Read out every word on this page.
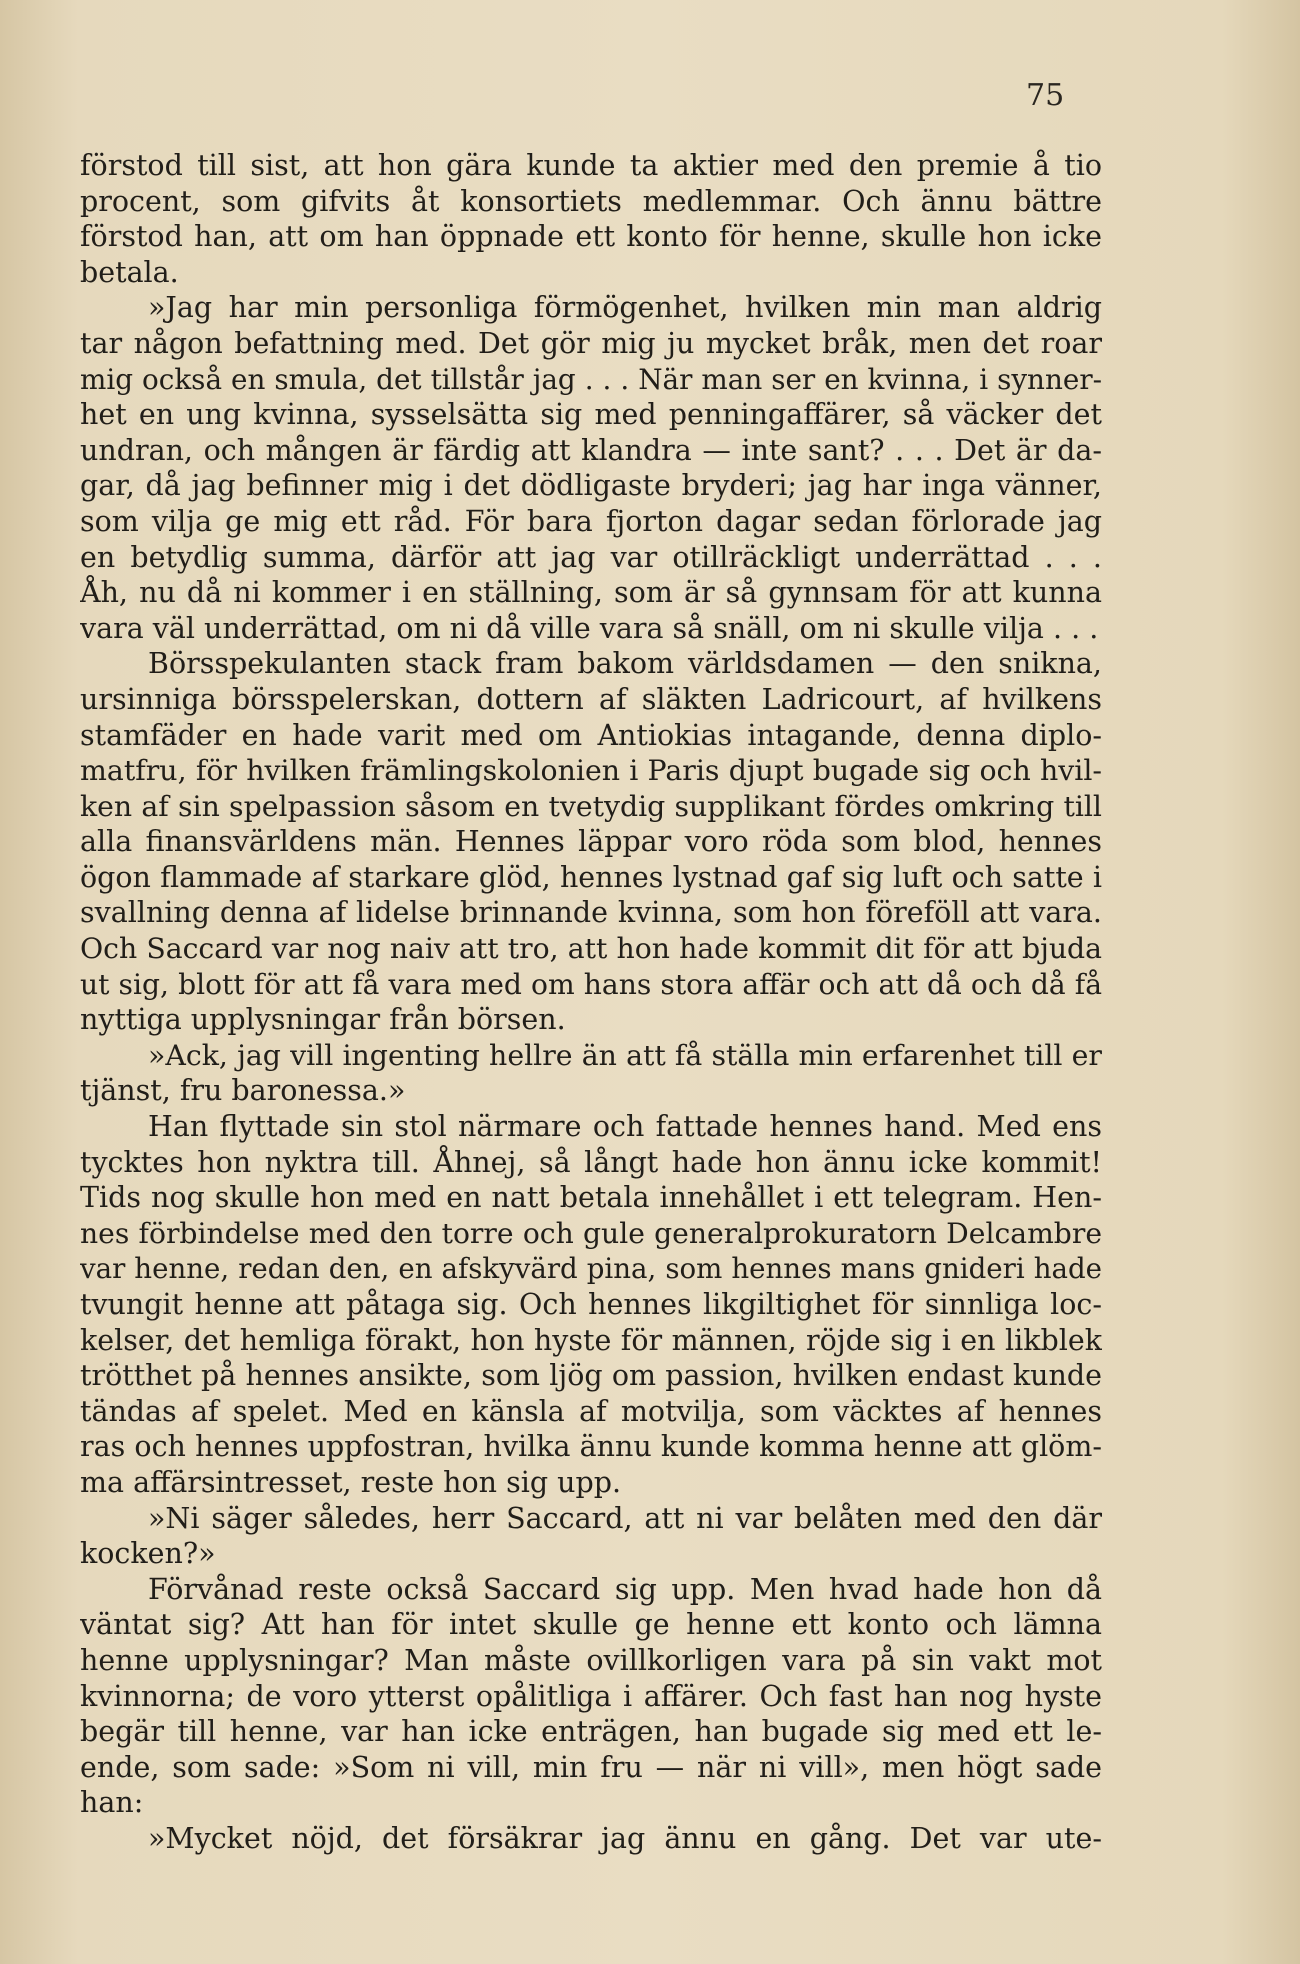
75
förstod till sist, att hon gära kunde ta aktier med den premie å tio
procent, som gifvits åt konsortiets medlemmar. Och ännu bättre
förstod han, att om han öppnade ett konto för henne, skulle hon icke
betala.
»Jag har min personliga förmögenhet, hvilken min man aldrig
tar någon befattning med. Det gör mig ju mycket bråk, men det roar
mig också en smula, det tillstår jag . . . När man ser en kvinna, i synner-
het en ung kvinna, sysselsätta sig med penningaffärer, så väcker det
undran, och mången är färdig att klandra — inte sant? . . . Det är da-
gar, då jag befinner mig i det dödligaste bryderi; jag har inga vänner,
som vilja ge mig ett råd. För bara fjorton dagar sedan förlorade jag
en betydlig summa, därför att jag var otillräckligt underrättad . . .
Åh, nu då ni kommer i en ställning, som är så gynnsam för att kunna
vara väl underrättad, om ni då ville vara så snäll, om ni skulle vilja . . .
Börsspekulanten stack fram bakom världsdamen — den snikna,
ursinniga börsspelerskan, dottern af släkten Ladricourt, af hvilkens
stamfäder en hade varit med om Antiokias intagande, denna diplo-
matfru, för hvilken främlingskolonien i Paris djupt bugade sig och hvil-
ken af sin spelpassion såsom en tvetydig supplikant fördes omkring till
alla finansvärldens män. Hennes läppar voro röda som blod, hennes
ögon flammade af starkare glöd, hennes lystnad gaf sig luft och satte i
svallning denna af lidelse brinnande kvinna, som hon föreföll att vara.
Och Saccard var nog naiv att tro, att hon hade kommit dit för att bjuda
ut sig, blott för att få vara med om hans stora affär och att då och då få
nyttiga upplysningar från börsen.
»Ack, jag vill ingenting hellre än att få ställa min erfarenhet till er
tjänst, fru baronessa.»
Han flyttade sin stol närmare och fattade hennes hand. Med ens
tycktes hon nyktra till. Åhnej, så långt hade hon ännu icke kommit!
Tids nog skulle hon med en natt betala innehållet i ett telegram. Hen-
nes förbindelse med den torre och gule generalprokuratorn Delcambre
var henne, redan den, en afskyvärd pina, som hennes mans gnideri hade
tvungit henne att påtaga sig. Och hennes likgiltighet för sinnliga loc-
kelser, det hemliga förakt, hon hyste för männen, röjde sig i en likblek
trötthet på hennes ansikte, som ljög om passion, hvilken endast kunde
tändas af spelet. Med en känsla af motvilja, som väcktes af hennes
ras och hennes uppfostran, hvilka ännu kunde komma henne att glöm-
ma affärsintresset, reste hon sig upp.
»Ni säger således, herr Saccard, att ni var belåten med den där
kocken?»
Förvånad reste också Saccard sig upp. Men hvad hade hon då
väntat sig? Att han för intet skulle ge henne ett konto och lämna
henne upplysningar? Man måste ovillkorligen vara på sin vakt mot
kvinnorna; de voro ytterst opålitliga i affärer. Och fast han nog hyste
begär till henne, var han icke enträgen, han bugade sig med ett le-
ende, som sade: »Som ni vill, min fru — när ni vill», men högt sade
han:
»Mycket nöjd, det försäkrar jag ännu en gång. Det var ute-
